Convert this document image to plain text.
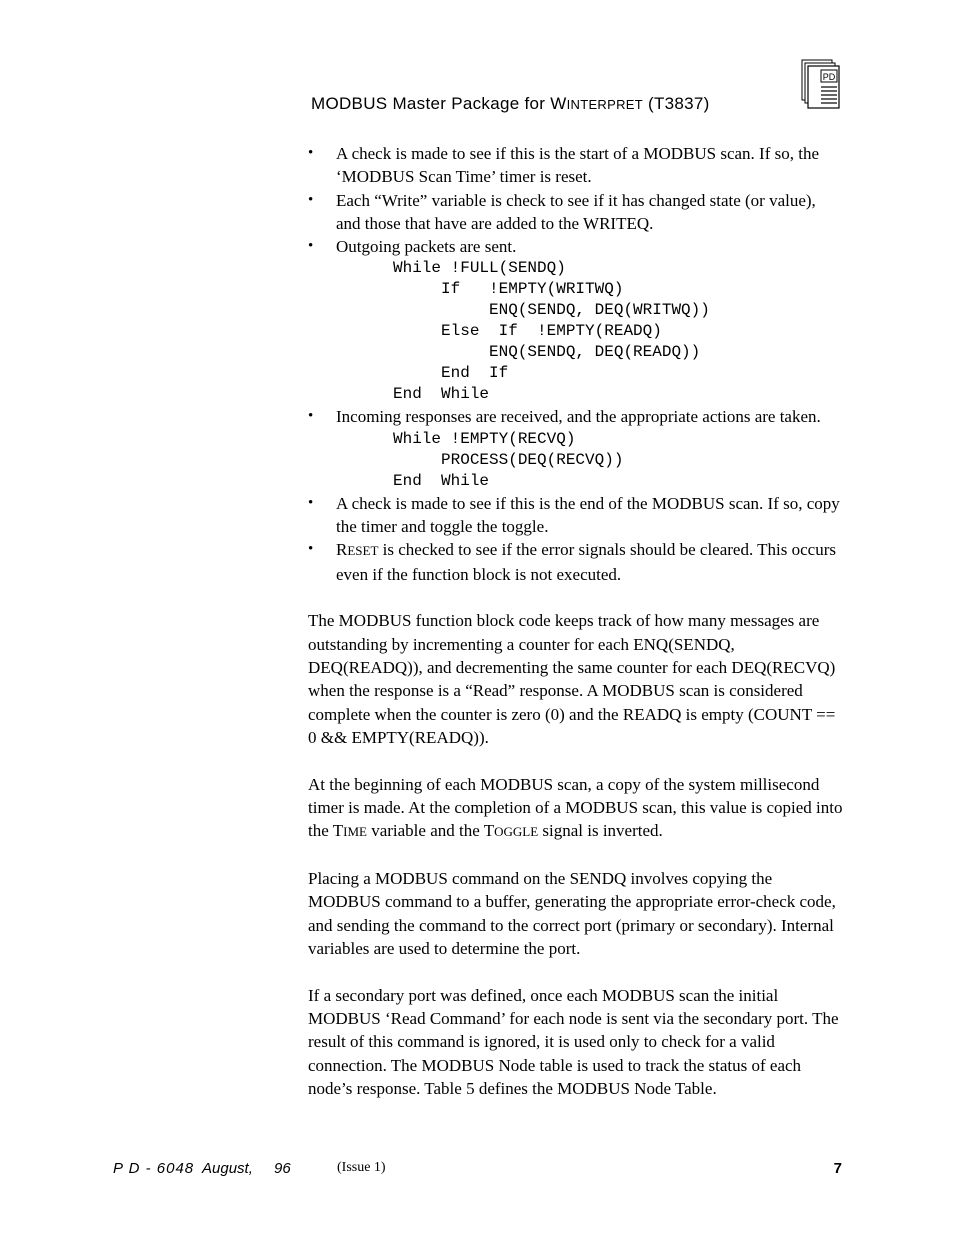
MODBUS Master Package for WINTERPRET (T3837)
PD
• A check is made to see if this is the start of a MODBUS scan. If so, the ‘MODBUS Scan Time’ timer is reset.
• Each “Write” variable is check to see if it has changed state (or value), and those that have are added to the WRITEQ.
• Outgoing packets are sent.
While !FULL(SENDQ)
If   !EMPTY(WRITWQ)
ENQ(SENDQ, DEQ(WRITWQ))
Else  If  !EMPTY(READQ)
ENQ(SENDQ, DEQ(READQ))
End  If
End  While
• Incoming responses are received, and the appropriate actions are taken.
While !EMPTY(RECVQ)
PROCESS(DEQ(RECVQ))
End  While
• A check is made to see if this is the end of the MODBUS scan. If so, copy the timer and toggle the toggle.
• RESET is checked to see if the error signals should be cleared. This occurs even if the function block is not executed.

The MODBUS function block code keeps track of how many messages are outstanding by incrementing a counter for each ENQ(SENDQ, DEQ(READQ)), and decrementing the same counter for each DEQ(RECVQ) when the response is a “Read” response. A MODBUS scan is considered complete when the counter is zero (0) and the READQ is empty (COUNT == 0 && EMPTY(READQ)).

At the beginning of each MODBUS scan, a copy of the system millisecond timer is made. At the completion of a MODBUS scan, this value is copied into the TIME variable and the TOGGLE signal is inverted.

Placing a MODBUS command on the SENDQ involves copying the MODBUS command to a buffer, generating the appropriate error-check code, and sending the command to the correct port (primary or secondary). Internal variables are used to determine the port.

If a secondary port was defined, once each MODBUS scan the initial MODBUS ‘Read Command’ for each node is sent via the secondary port. The result of this command is ignored, it is used only to check for a valid connection. The MODBUS Node table is used to track the status of each node’s response. Table 5 defines the MODBUS Node Table.

P D - 6048 August, 96	(Issue 1)	7
